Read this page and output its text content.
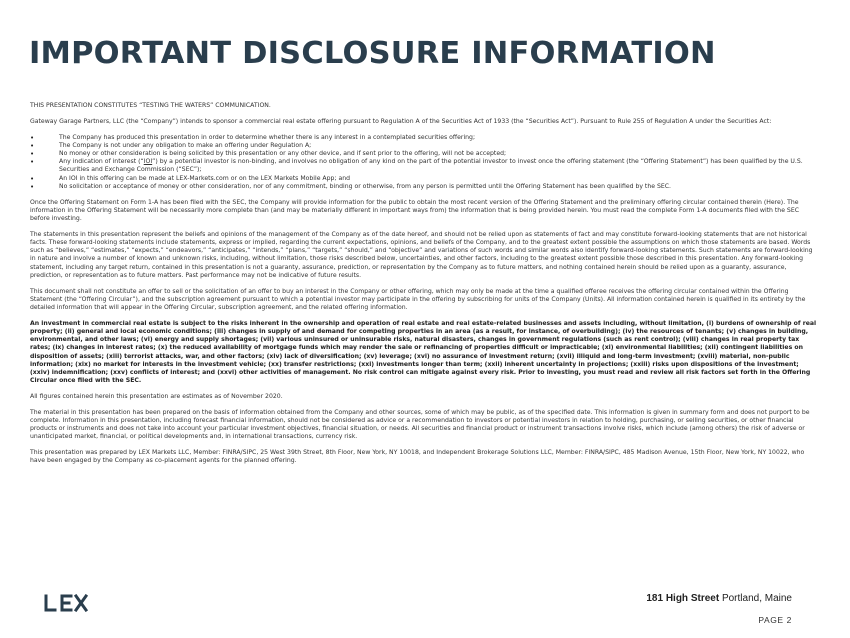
IMPORTANT DISCLOSURE INFORMATION

THIS PRESENTATION CONSTITUTES “TESTING THE WATERS” COMMUNICATION.

Gateway Garage Partners, LLC (the “Company”) intends to sponsor a commercial real estate offering pursuant to Regulation A of the Securities Act of 1933 (the “Securities Act”). Pursuant to Rule 255 of Regulation A under the Securities Act:

• The Company has produced this presentation in order to determine whether there is any interest in a contemplated securities offering;
• The Company is not under any obligation to make an offering under Regulation A;
• No money or other consideration is being solicited by this presentation or any other device, and if sent prior to the offering, will not be accepted;
• Any indication of interest (“IOI”) by a potential investor is non-binding, and involves no obligation of any kind on the part of the potential investor to invest once the offering statement (the “Offering Statement”) has been qualified by the U.S. Securities and Exchange Commission (“SEC”);
• An IOI in this offering can be made at LEX-Markets.com or on the LEX Markets Mobile App; and
• No solicitation or acceptance of money or other consideration, nor of any commitment, binding or otherwise, from any person is permitted until the Offering Statement has been qualified by the SEC.

Once the Offering Statement on Form 1-A has been filed with the SEC, the Company will provide information for the public to obtain the most recent version of the Offering Statement and the preliminary offering circular contained therein (Here). The information in the Offering Statement will be necessarily more complete than (and may be materially different in important ways from) the information that is being provided herein. You must read the complete Form 1-A documents filed with the SEC before investing.

The statements in this presentation represent the beliefs and opinions of the management of the Company as of the date hereof, and should not be relied upon as statements of fact and may constitute forward-looking statements that are not historical facts. These forward-looking statements include statements, express or implied, regarding the current expectations, opinions, and beliefs of the Company, and to the greatest extent possible the assumptions on which those statements are based. Words such as “believes,” “estimates,” “expects,” “endeavors,” “anticipates,” “intends,” “plans,” “targets,” “should,” and “objective” and variations of such words and similar words also identify forward-looking statements. Such statements are forward-looking in nature and involve a number of known and unknown risks, including, without limitation, those risks described below, uncertainties, and other factors, including to the greatest extent possible those described in this presentation. Any forward-looking statement, including any target return, contained in this presentation is not a guaranty, assurance, prediction, or representation by the Company as to future matters, and nothing contained herein should be relied upon as a guaranty, assurance, prediction, or representation as to future matters. Past performance may not be indicative of future results.

This document shall not constitute an offer to sell or the solicitation of an offer to buy an interest in the Company or other offering, which may only be made at the time a qualified offeree receives the offering circular contained within the Offering Statement (the “Offering Circular”), and the subscription agreement pursuant to which a potential investor may participate in the offering by subscribing for units of the Company (Units). All information contained herein is qualified in its entirety by the detailed information that will appear in the Offering Circular, subscription agreement, and the related offering information.

An investment in commercial real estate is subject to the risks inherent in the ownership and operation of real estate and real estate-related businesses and assets including, without limitation, (i) burdens of ownership of real property; (ii) general and local economic conditions; (iii) changes in supply of and demand for competing properties in an area (as a result, for instance, of overbuilding); (iv) the resources of tenants; (v) changes in building, environmental, and other laws; (vi) energy and supply shortages; (vii) various uninsured or uninsurable risks, natural disasters, changes in government regulations (such as rent control); (viii) changes in real property tax rates; (ix) changes in interest rates; (x) the reduced availability of mortgage funds which may render the sale or refinancing of properties difficult or impracticable; (xi) environmental liabilities; (xii) contingent liabilities on disposition of assets; (xiii) terrorist attacks, war, and other factors; (xiv) lack of diversification; (xv) leverage; (xvi) no assurance of investment return; (xvii) illiquid and long-term investment; (xviii) material, non-public information; (xix) no market for interests in the investment vehicle; (xx) transfer restrictions; (xxi) investments longer than term; (xxii) inherent uncertainty in projections; (xxiii) risks upon dispositions of the investment; (xxiv) indemnification; (xxv) conflicts of interest; and (xxvi) other activities of management. No risk control can mitigate against every risk. Prior to investing, you must read and review all risk factors set forth in the Offering Circular once filed with the SEC.

All figures contained herein this presentation are estimates as of November 2020.

The material in this presentation has been prepared on the basis of information obtained from the Company and other sources, some of which may be public, as of the specified date. This information is given in summary form and does not purport to be complete. Information in this presentation, including forecast financial information, should not be considered as advice or a recommendation to investors or potential investors in relation to holding, purchasing, or selling securities, or other financial products or instruments and does not take into account your particular investment objectives, financial situation, or needs. All securities and financial product or instrument transactions involve risks, which include (among others) the risk of adverse or unanticipated market, financial, or political developments and, in international transactions, currency risk.

This presentation was prepared by LEX Markets LLC, Member: FINRA/SIPC, 25 West 39th Street, 8th Floor, New York, NY 10018, and Independent Brokerage Solutions LLC, Member: FINRA/SIPC, 485 Madison Avenue, 15th Floor, New York, NY 10022, who have been engaged by the Company as co-placement agents for the planned offering.

181 High Street Portland, Maine
PAGE 2
